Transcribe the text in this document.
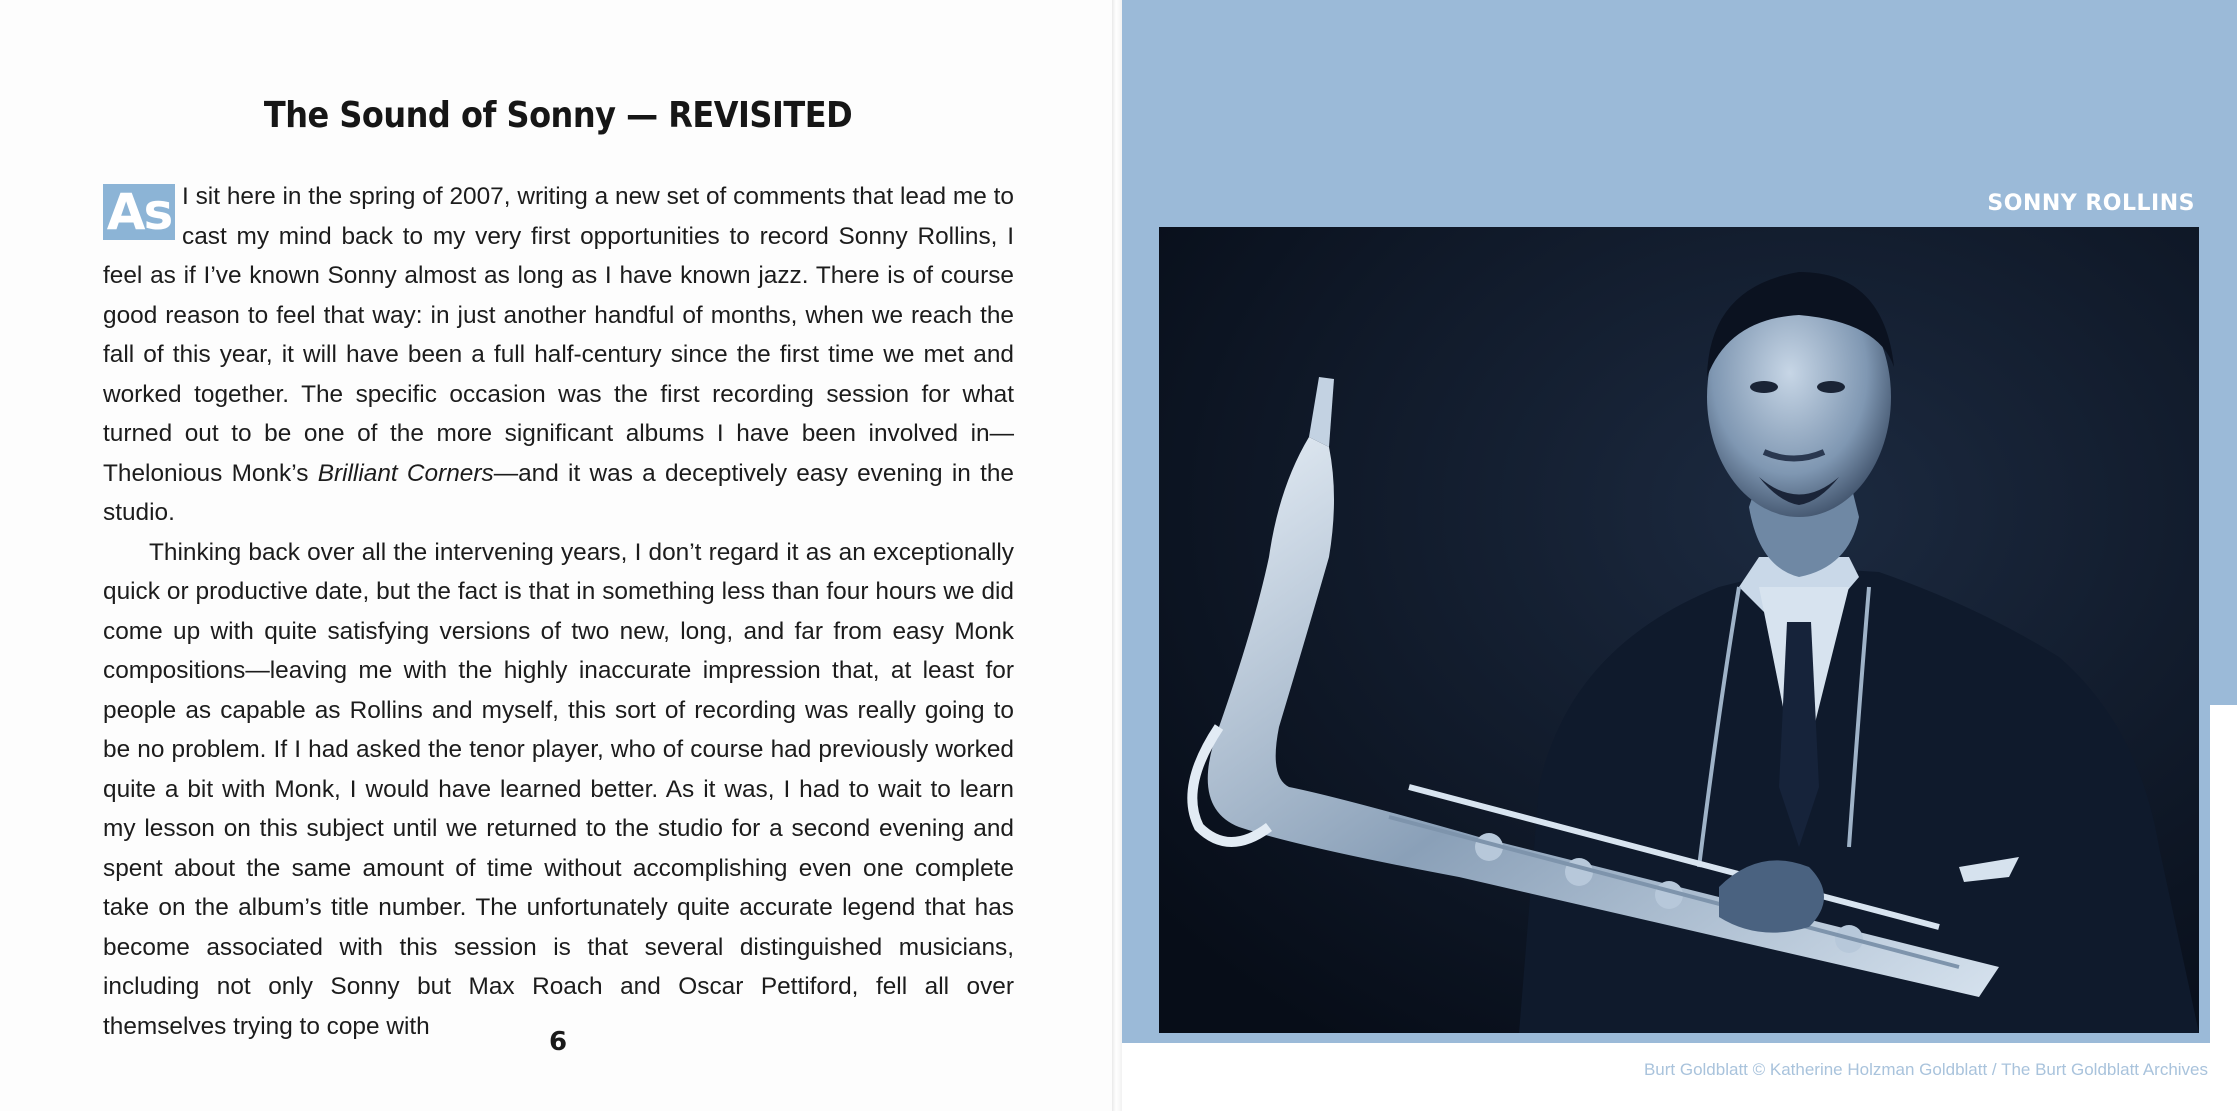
The Sound of Sonny — REVISITED

As I sit here in the spring of 2007, writing a new set of comments that lead me to cast my mind back to my very first opportunities to record Sonny Rollins, I feel as if I’ve known Sonny almost as long as I have known jazz. There is of course good reason to feel that way: in just another handful of months, when we reach the fall of this year, it will have been a full half-century since the first time we met and worked together. The specific occasion was the first recording session for what turned out to be one of the more significant albums I have been involved in—Thelonious Monk’s Brilliant Corners—and it was a deceptively easy evening in the studio.

Thinking back over all the intervening years, I don’t regard it as an exceptionally quick or productive date, but the fact is that in something less than four hours we did come up with quite satisfying versions of two new, long, and far from easy Monk compositions—leaving me with the highly inaccurate impression that, at least for people as capable as Rollins and myself, this sort of recording was really going to be no problem. If I had asked the tenor player, who of course had previously worked quite a bit with Monk, I would have learned better. As it was, I had to wait to learn my lesson on this subject until we returned to the studio for a second evening and spent about the same amount of time without accomplishing even one complete take on the album’s title number. The unfortunately quite accurate legend that has become associated with this session is that several distinguished musicians, including not only Sonny but Max Roach and Oscar Pettiford, fell all over themselves trying to cope with

6
SONNY ROLLINS
Burt Goldblatt © Katherine Holzman Goldblatt / The Burt Goldblatt Archives
